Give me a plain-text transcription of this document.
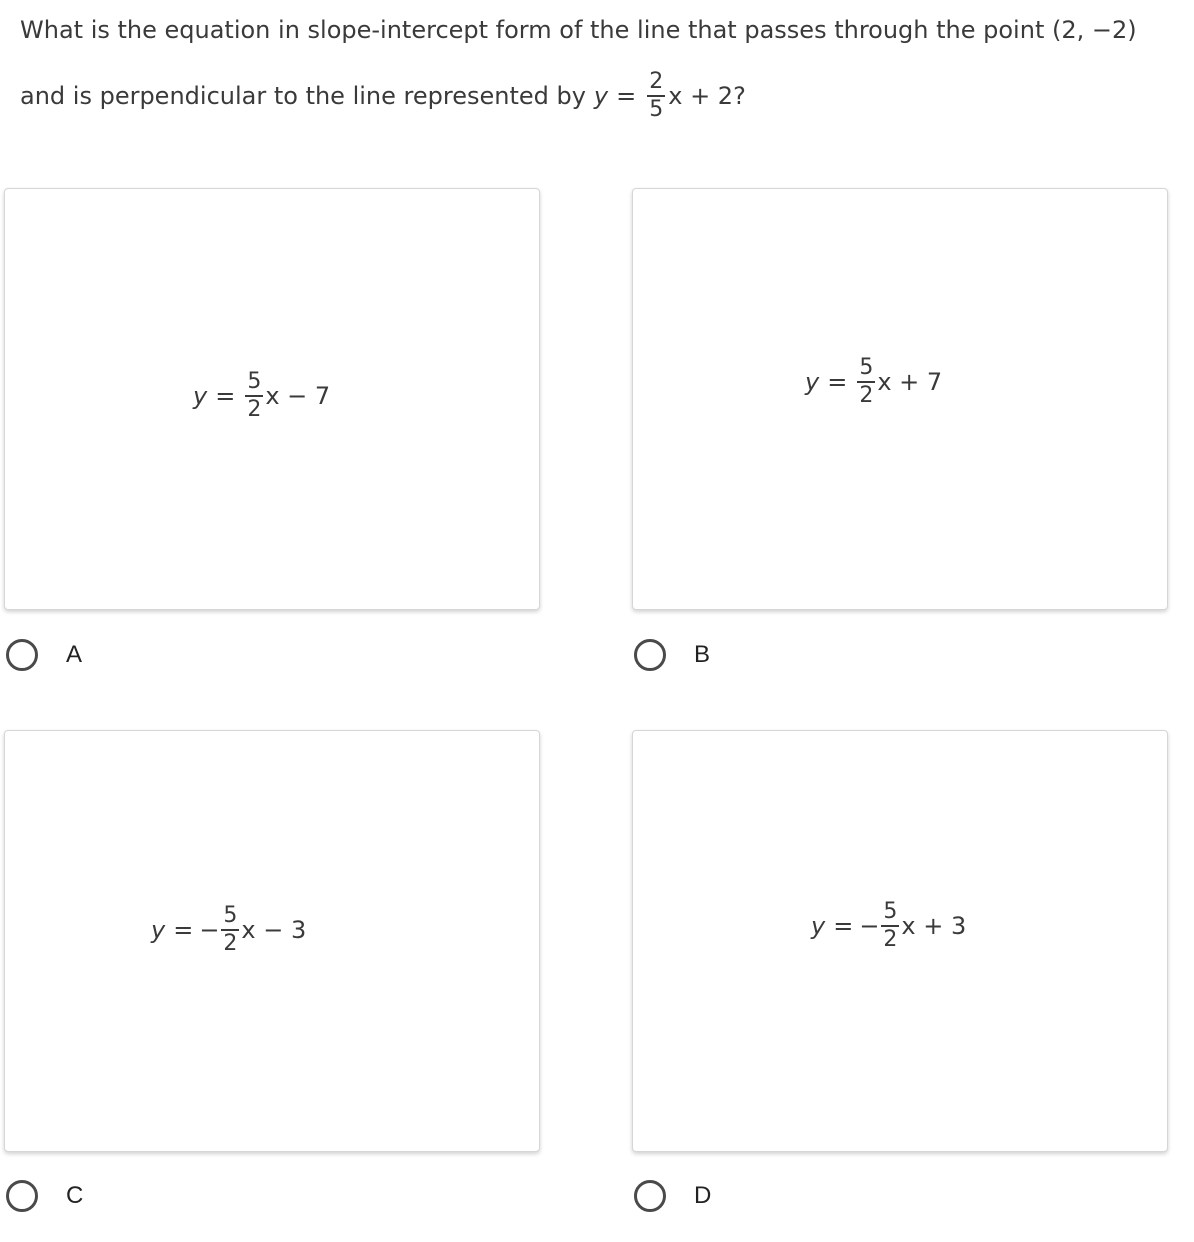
What is the equation in slope-intercept form of the line that passes through the point (2, −2)
and is perpendicular to the line represented by $y = \frac{2}{5}$ x + 2?
$y = \frac{5}{2}$ x − 7
A
$y = \frac{5}{2}$ x + 7
B
y = − $\frac{5}{2}$ x − 3
C
y = − $\frac{5}{2}$ x + 3
D
